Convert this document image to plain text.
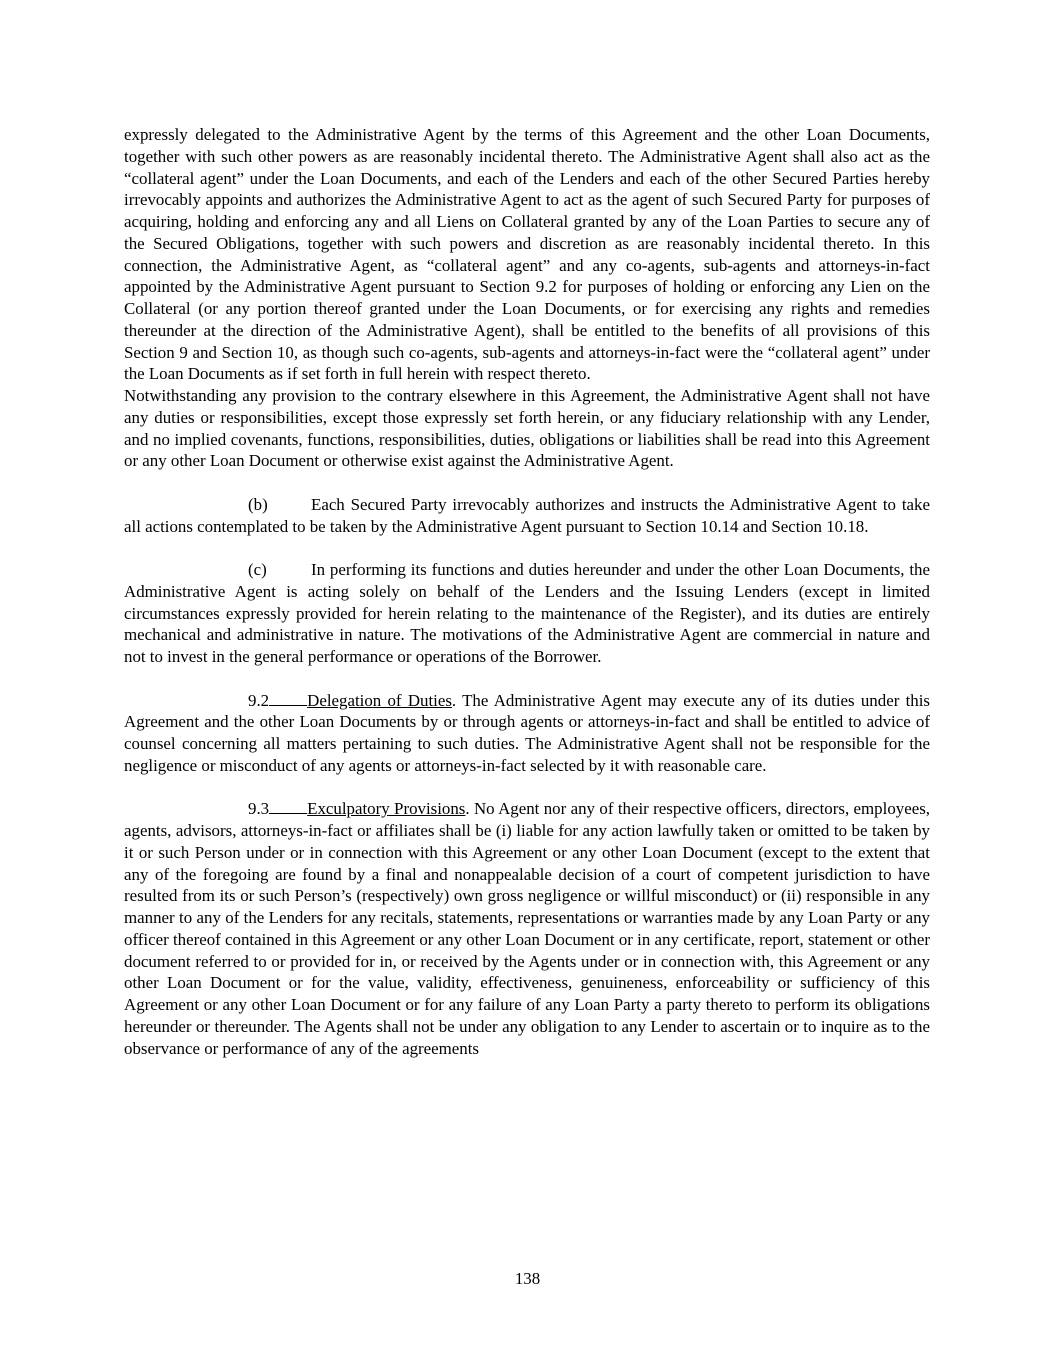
expressly delegated to the Administrative Agent by the terms of this Agreement and the other Loan Documents, together with such other powers as are reasonably incidental thereto. The Administrative Agent shall also act as the “collateral agent” under the Loan Documents, and each of the Lenders and each of the other Secured Parties hereby irrevocably appoints and authorizes the Administrative Agent to act as the agent of such Secured Party for purposes of acquiring, holding and enforcing any and all Liens on Collateral granted by any of the Loan Parties to secure any of the Secured Obligations, together with such powers and discretion as are reasonably incidental thereto. In this connection, the Administrative Agent, as “collateral agent” and any co-agents, sub-agents and attorneys-in-fact appointed by the Administrative Agent pursuant to Section 9.2 for purposes of holding or enforcing any Lien on the Collateral (or any portion thereof granted under the Loan Documents, or for exercising any rights and remedies thereunder at the direction of the Administrative Agent), shall be entitled to the benefits of all provisions of this Section 9 and Section 10, as though such co-agents, sub-agents and attorneys-in-fact were the “collateral agent” under the Loan Documents as if set forth in full herein with respect thereto.
Notwithstanding any provision to the contrary elsewhere in this Agreement, the Administrative Agent shall not have any duties or responsibilities, except those expressly set forth herein, or any fiduciary relationship with any Lender, and no implied covenants, functions, responsibilities, duties, obligations or liabilities shall be read into this Agreement or any other Loan Document or otherwise exist against the Administrative Agent.

(b)	Each Secured Party irrevocably authorizes and instructs the Administrative Agent to take all actions contemplated to be taken by the Administrative Agent pursuant to Section 10.14 and Section 10.18.

(c)	In performing its functions and duties hereunder and under the other Loan Documents, the Administrative Agent is acting solely on behalf of the Lenders and the Issuing Lenders (except in limited circumstances expressly provided for herein relating to the maintenance of the Register), and its duties are entirely mechanical and administrative in nature. The motivations of the Administrative Agent are commercial in nature and not to invest in the general performance or operations of the Borrower.

9.2 Delegation of Duties. The Administrative Agent may execute any of its duties under this Agreement and the other Loan Documents by or through agents or attorneys-in-fact and shall be entitled to advice of counsel concerning all matters pertaining to such duties. The Administrative Agent shall not be responsible for the negligence or misconduct of any agents or attorneys-in-fact selected by it with reasonable care.

9.3 Exculpatory Provisions. No Agent nor any of their respective officers, directors, employees, agents, advisors, attorneys-in-fact or affiliates shall be (i) liable for any action lawfully taken or omitted to be taken by it or such Person under or in connection with this Agreement or any other Loan Document (except to the extent that any of the foregoing are found by a final and nonappealable decision of a court of competent jurisdiction to have resulted from its or such Person’s (respectively) own gross negligence or willful misconduct) or (ii) responsible in any manner to any of the Lenders for any recitals, statements, representations or warranties made by any Loan Party or any officer thereof contained in this Agreement or any other Loan Document or in any certificate, report, statement or other document referred to or provided for in, or received by the Agents under or in connection with, this Agreement or any other Loan Document or for the value, validity, effectiveness, genuineness, enforceability or sufficiency of this Agreement or any other Loan Document or for any failure of any Loan Party a party thereto to perform its obligations hereunder or thereunder. The Agents shall not be under any obligation to any Lender to ascertain or to inquire as to the observance or performance of any of the agreements

138
